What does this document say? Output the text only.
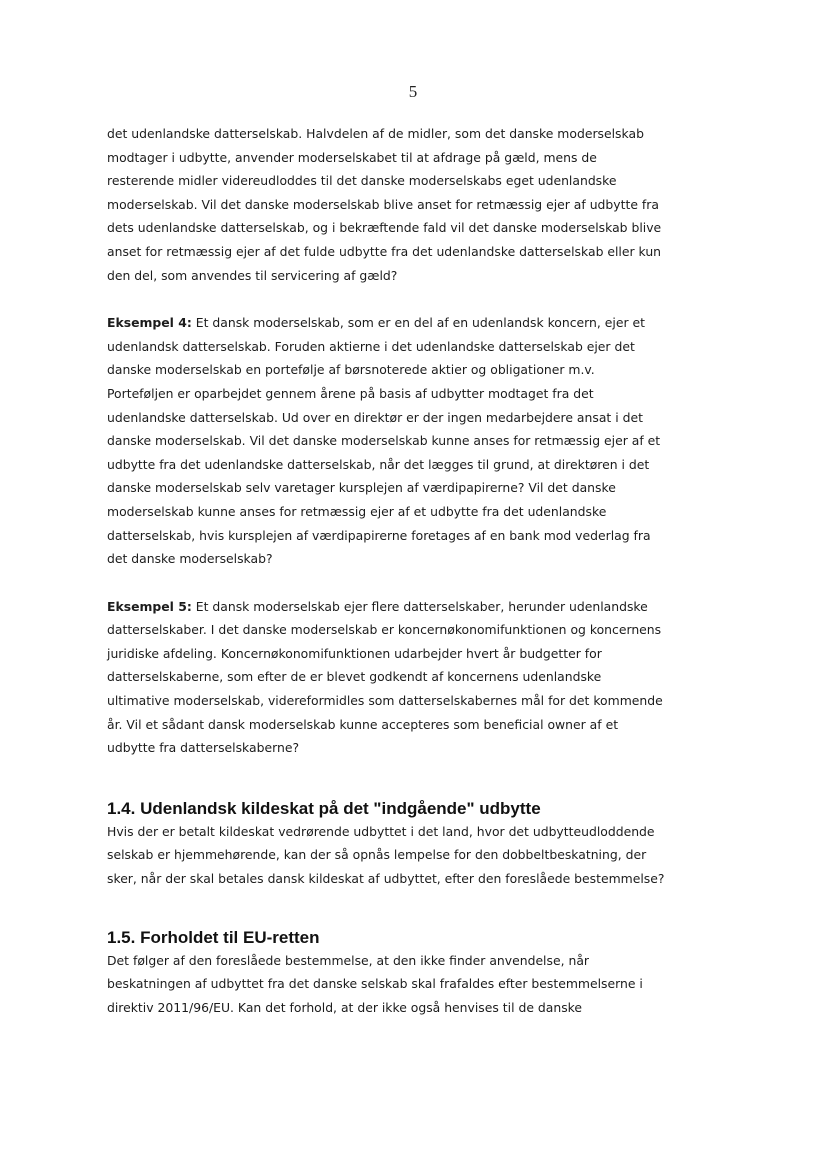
5

det udenlandske datterselskab. Halvdelen af de midler, som det danske moderselskab
modtager i udbytte, anvender moderselskabet til at afdrage på gæld, mens de
resterende midler videreudloddes til det danske moderselskabs eget udenlandske
moderselskab. Vil det danske moderselskab blive anset for retmæssig ejer af udbytte fra
dets udenlandske datterselskab, og i bekræftende fald vil det danske moderselskab blive
anset for retmæssig ejer af det fulde udbytte fra det udenlandske datterselskab eller kun
den del, som anvendes til servicering af gæld?

Eksempel 4: Et dansk moderselskab, som er en del af en udenlandsk koncern, ejer et
udenlandsk datterselskab. Foruden aktierne i det udenlandske datterselskab ejer det
danske moderselskab en portefølje af børsnoterede aktier og obligationer m.v.
Porteføljen er oparbejdet gennem årene på basis af udbytter modtaget fra det
udenlandske datterselskab. Ud over en direktør er der ingen medarbejdere ansat i det
danske moderselskab. Vil det danske moderselskab kunne anses for retmæssig ejer af et
udbytte fra det udenlandske datterselskab, når det lægges til grund, at direktøren i det
danske moderselskab selv varetager kursplejen af værdipapirerne? Vil det danske
moderselskab kunne anses for retmæssig ejer af et udbytte fra det udenlandske
datterselskab, hvis kursplejen af værdipapirerne foretages af en bank mod vederlag fra
det danske moderselskab?

Eksempel 5: Et dansk moderselskab ejer flere datterselskaber, herunder udenlandske
datterselskaber. I det danske moderselskab er koncernøkonomifunktionen og koncernens
juridiske afdeling. Koncernøkonomifunktionen udarbejder hvert år budgetter for
datterselskaberne, som efter de er blevet godkendt af koncernens udenlandske
ultimative moderselskab, videreformidles som datterselskabernes mål for det kommende
år. Vil et sådant dansk moderselskab kunne accepteres som beneficial owner af et
udbytte fra datterselskaberne?

1.4. Udenlandsk kildeskat på det "indgående" udbytte

Hvis der er betalt kildeskat vedrørende udbyttet i det land, hvor det udbytteudloddende
selskab er hjemmehørende, kan der så opnås lempelse for den dobbeltbeskatning, der
sker, når der skal betales dansk kildeskat af udbyttet, efter den foreslåede bestemmelse?

1.5. Forholdet til EU-retten

Det følger af den foreslåede bestemmelse, at den ikke finder anvendelse, når
beskatningen af udbyttet fra det danske selskab skal frafaldes efter bestemmelserne i
direktiv 2011/96/EU. Kan det forhold, at der ikke også henvises til de danske
